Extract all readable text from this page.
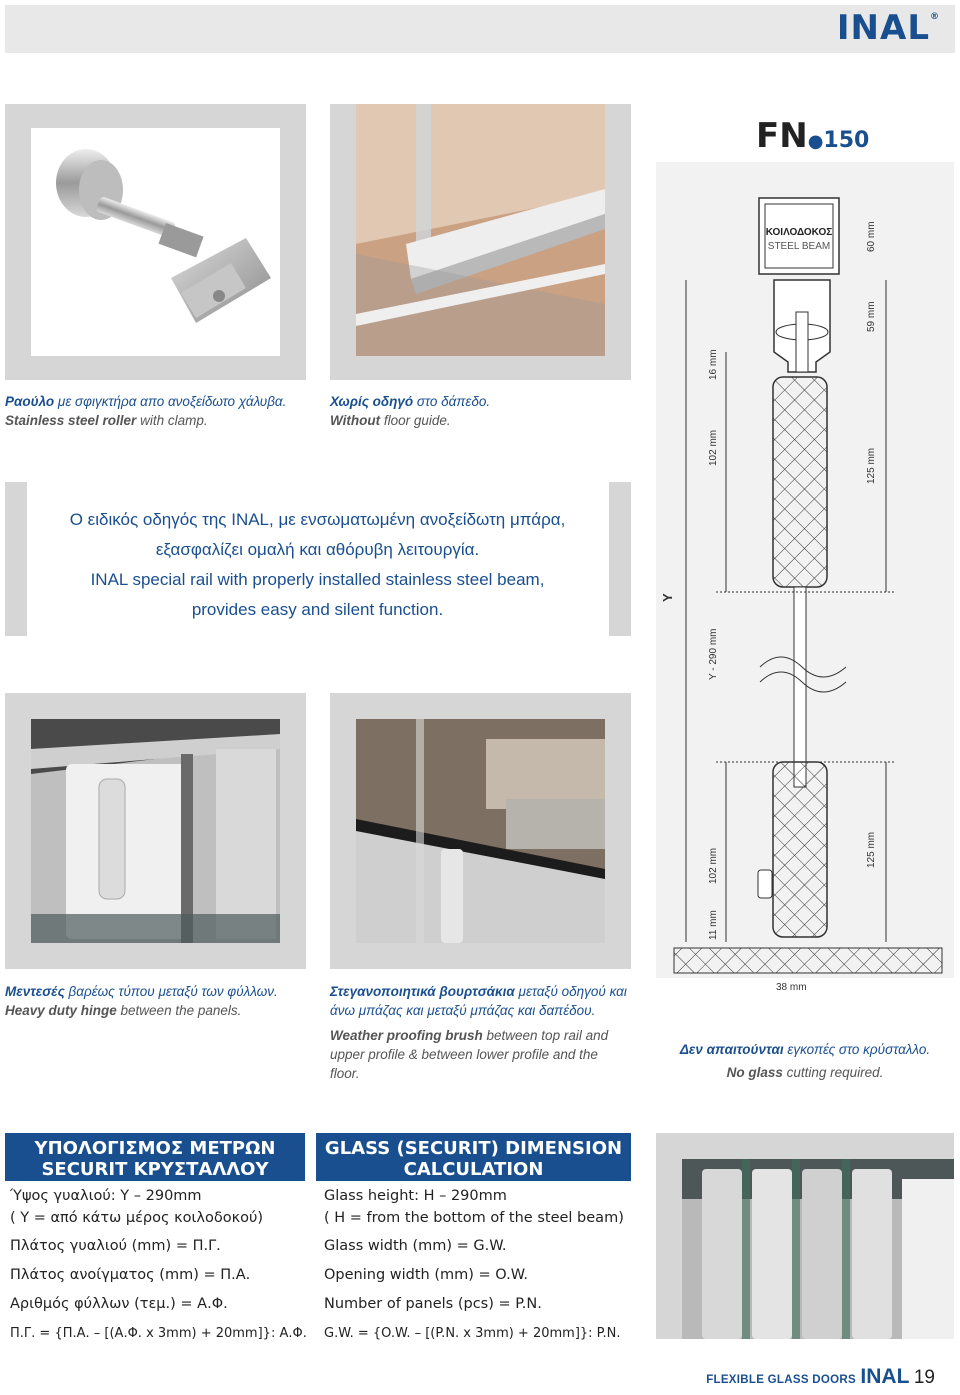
INAL®
Ραούλο με σφιγκτήρα απο ανοξείδωτο χάλυβα.
Stainless steel roller with clamp.
Χωρίς οδηγό στο δάπεδο.
Without floor guide.
Ο ειδικός οδηγός της INAL, με ενσωματωμένη ανοξείδωτη μπάρα,
εξασφαλίζει ομαλή και αθόρυβη λειτουργία.
INAL special rail with properly installed stainless steel beam,
provides easy and silent function.
Μεντεσές βαρέως τύπου μεταξύ των φύλλων.
Heavy duty hinge between the panels.
Στεγανοποιητικά βουρτσάκια μεταξύ οδηγού και άνω μπάζας και μεταξύ μπάζας και δαπέδου.
Weather proofing brush between top rail and upper profile & between lower profile and the floor.
FN●150
ΚΟΙΛΟΔΟΚΟΣ
STEEL BEAM	60 mm
59 mm
16 mm
102 mm	125 mm
Y
Y - 290 mm
102 mm	125 mm
11 mm
38 mm
Δεν απαιτούνται εγκοπές στο κρύσταλλο.
No glass cutting required.
ΥΠΟΛΟΓΙΣΜΟΣ ΜΕΤΡΩΝ SECURIT ΚΡΥΣΤΑΛΛΟΥ
GLASS (SECURIT) DIMENSION CALCULATION
Ύψος γυαλιού: Υ – 290mm
( Υ = από κάτω μέρος κοιλοδοκού)
Πλάτος γυαλιού (mm) = Π.Γ.
Πλάτος ανοίγματος (mm) = Π.Α.
Αριθμός φύλλων (τεμ.) = Α.Φ.
Π.Γ. = {Π.Α. – [(Α.Φ. x 3mm) + 20mm]}: Α.Φ.
Glass height: H – 290mm
( H = from the bottom of the steel beam)
Glass width (mm) = G.W.
Opening width (mm) = O.W.
Number of panels (pcs) = P.N.
G.W. = {O.W. – [(P.N. x 3mm) + 20mm]}: P.N.
FLEXIBLE GLASS DOORS INAL 19
